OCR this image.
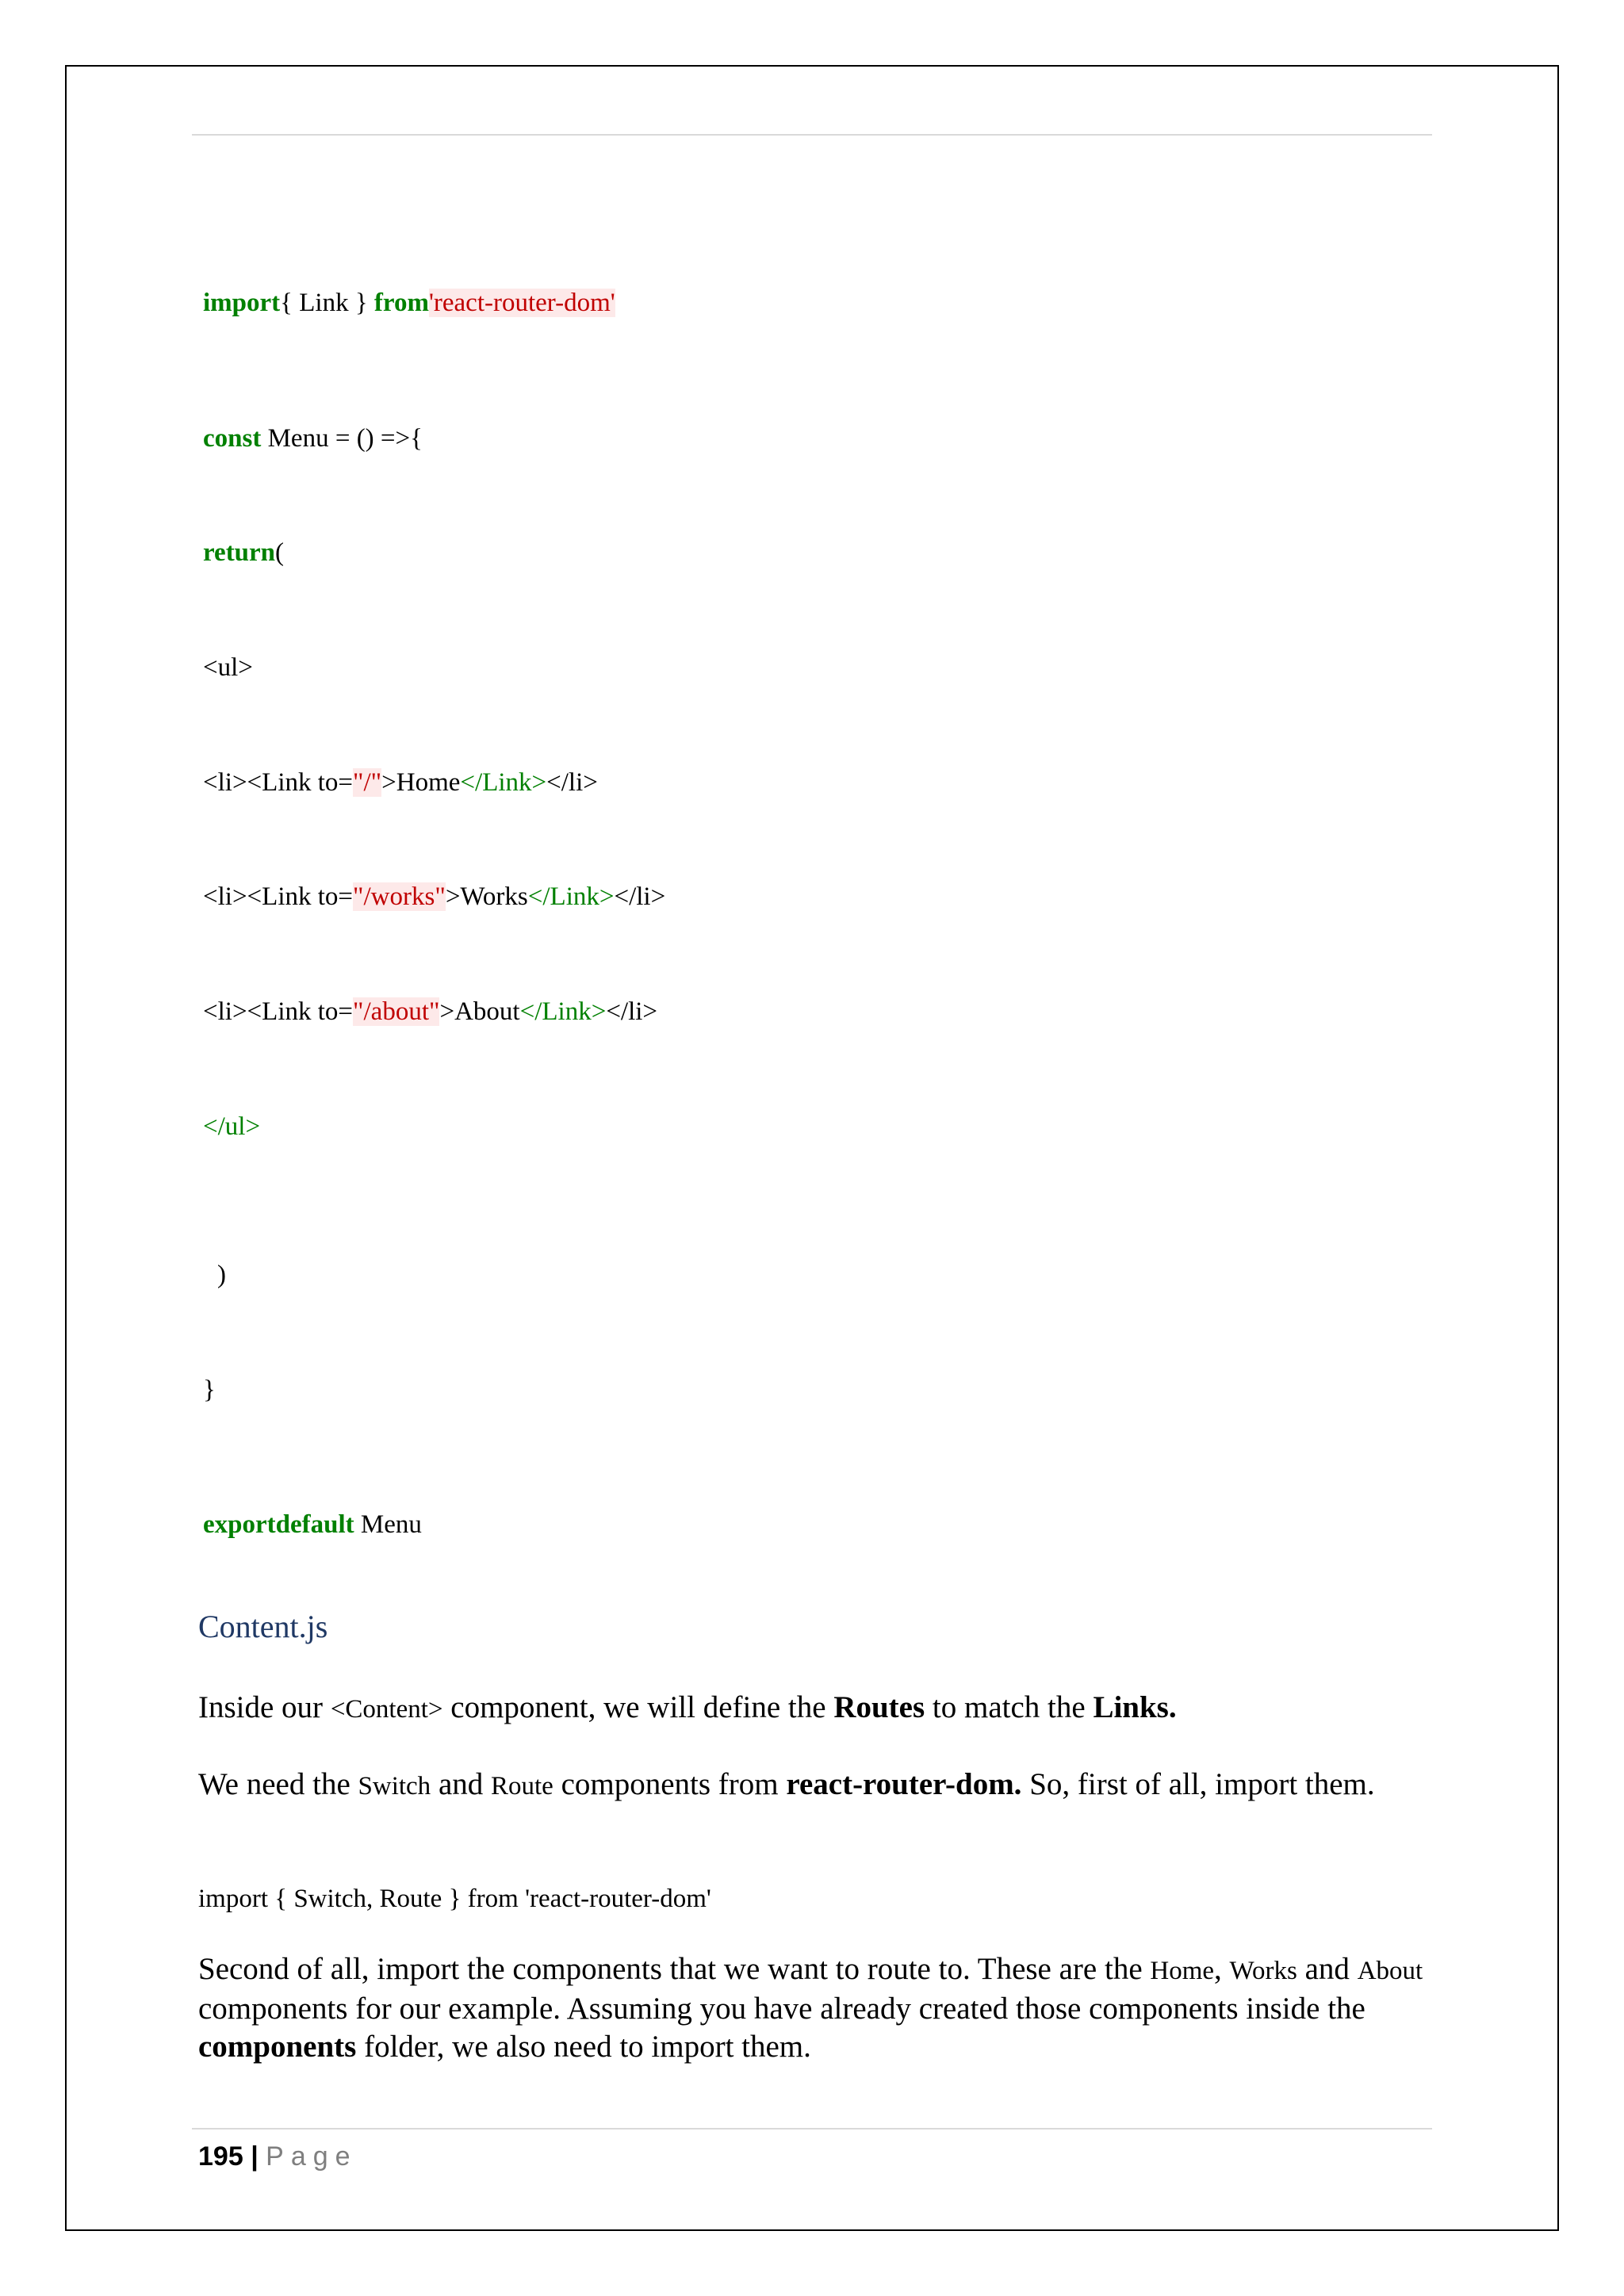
import{ Link } from'react-router-dom'
const Menu = () =>{
return(
<ul>
<li><Link to="/">Home</Link></li>
<li><Link to="/works">Works</Link></li>
<li><Link to="/about">About</Link></li>
</ul>
)
}
exportdefault Menu
Content.js
Inside our <Content> component, we will define the Routes to match the Links.
We need the Switch and Route components from react-router-dom. So, first of all, import them.
import { Switch, Route } from 'react-router-dom'
Second of all, import the components that we want to route to. These are the Home, Works and About components for our example. Assuming you have already created those components inside the components folder, we also need to import them.
195 | Page
